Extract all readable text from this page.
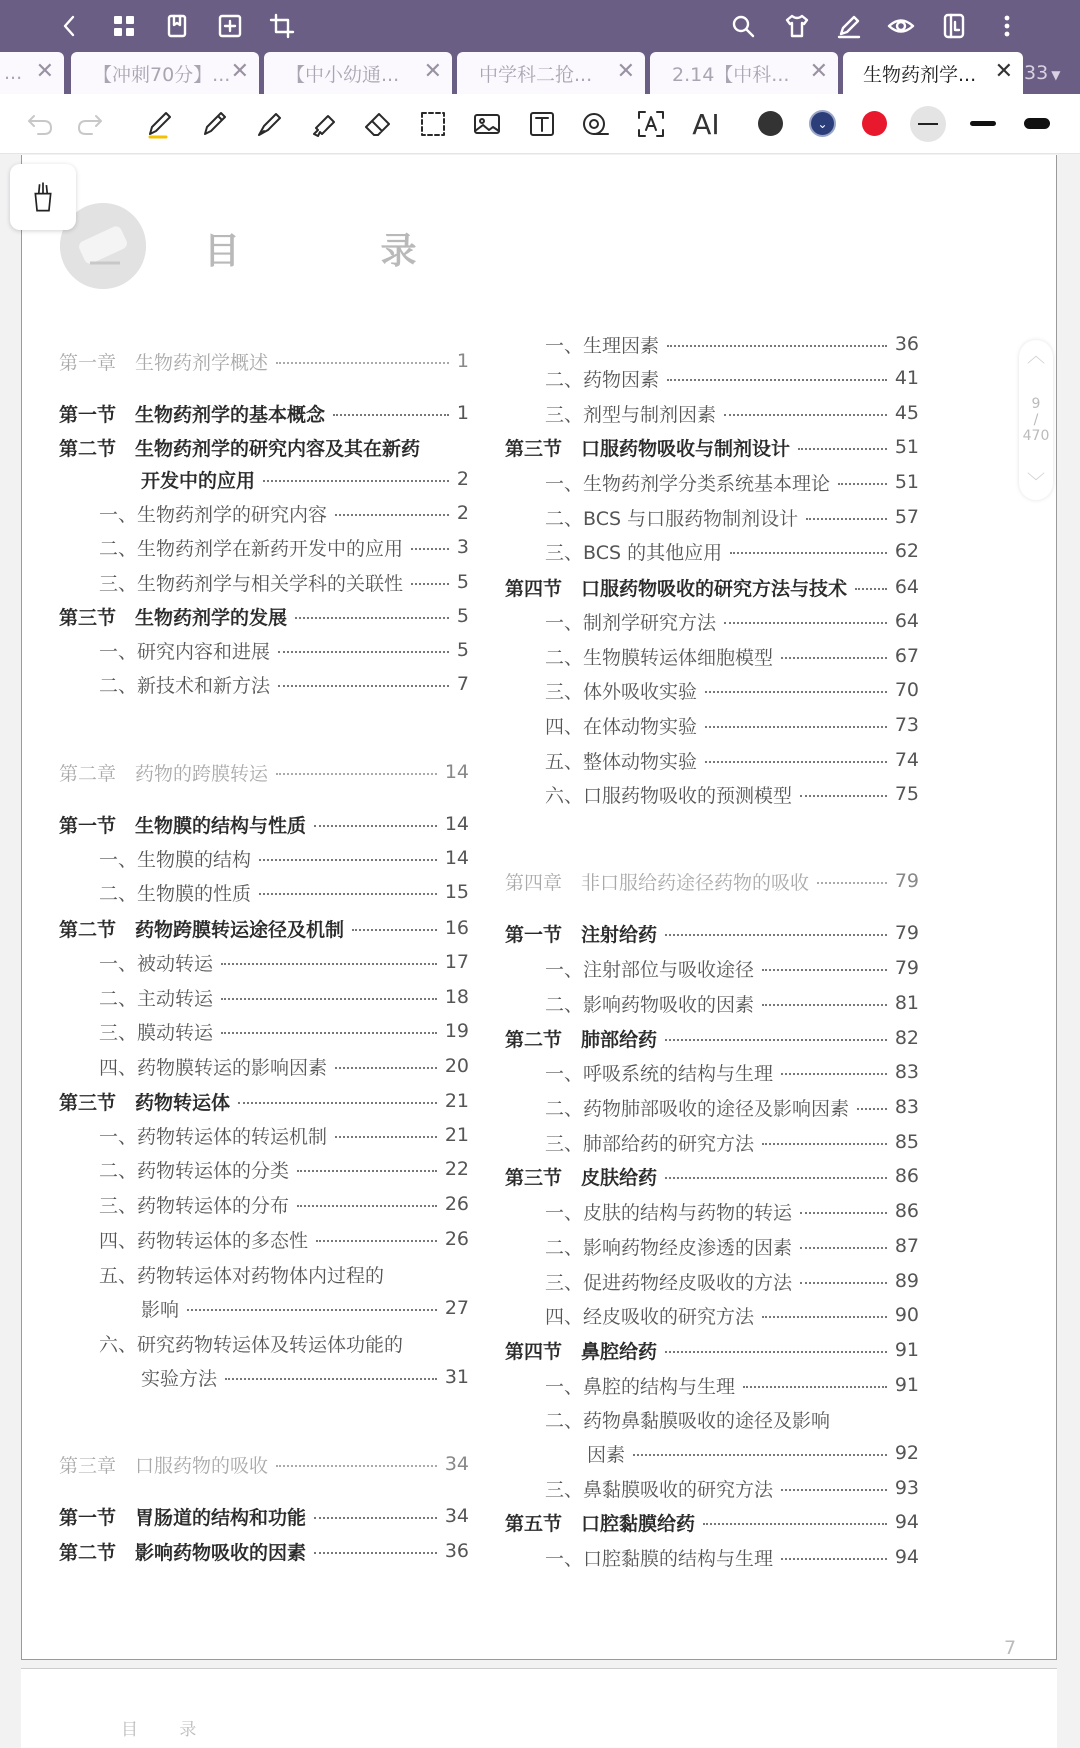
... ✕ 【冲刺70分】... ✕ 【中小幼通... ✕ 中学科二抢... ✕ 2.14【中科... ✕ 生物药剂学... ✕ 33 ▼
AI	⌄
目 录
第一章　生物药剂学概述	1
第一节　生物药剂学的基本概念	1
第二节　生物药剂学的研究内容及其在新药
开发中的应用	2
一、生物药剂学的研究内容	2
二、生物药剂学在新药开发中的应用	3
三、生物药剂学与相关学科的关联性	5
第三节　生物药剂学的发展	5
一、研究内容和进展	5
二、新技术和新方法	7
第二章　药物的跨膜转运	14
第一节　生物膜的结构与性质	14
一、生物膜的结构	14
二、生物膜的性质	15
第二节　药物跨膜转运途径及机制	16
一、被动转运	17
二、主动转运	18
三、膜动转运	19
四、药物膜转运的影响因素	20
第三节　药物转运体	21
一、药物转运体的转运机制	21
二、药物转运体的分类	22
三、药物转运体的分布	26
四、药物转运体的多态性	26
五、药物转运体对药物体内过程的
影响	27
六、研究药物转运体及转运体功能的
实验方法	31
第三章　口服药物的吸收	34
第一节　胃肠道的结构和功能	34
第二节　影响药物吸收的因素	36
一、生理因素	36
二、药物因素	41
三、剂型与制剂因素	45
第三节　口服药物吸收与制剂设计	51
一、生物药剂学分类系统基本理论	51
二、BCS 与口服药物制剂设计	57
三、BCS 的其他应用	62
第四节　口服药物吸收的研究方法与技术	64
一、制剂学研究方法	64
二、生物膜转运体细胞模型	67
三、体外吸收实验	70
四、在体动物实验	73
五、整体动物实验	74
六、口服药物吸收的预测模型	75
第四章　非口服给药途径药物的吸收	79
第一节　注射给药	79
一、注射部位与吸收途径	79
二、影响药物吸收的因素	81
第二节　肺部给药	82
一、呼吸系统的结构与生理	83
二、药物肺部吸收的途径及影响因素 83
三、肺部给药的研究方法	85
第三节　皮肤给药	86
一、皮肤的结构与药物的转运	86
二、影响药物经皮渗透的因素	87
三、促进药物经皮吸收的方法	89
四、经皮吸收的研究方法	90
第四节　鼻腔给药	91
一、鼻腔的结构与生理	91
二、药物鼻黏膜吸收的途径及影响
因素	92
三、鼻黏膜吸收的研究方法	93
第五节　口腔黏膜给药	94
一、口腔黏膜的结构与生理	94
7
目 录
︿
9
/
470
﹀
